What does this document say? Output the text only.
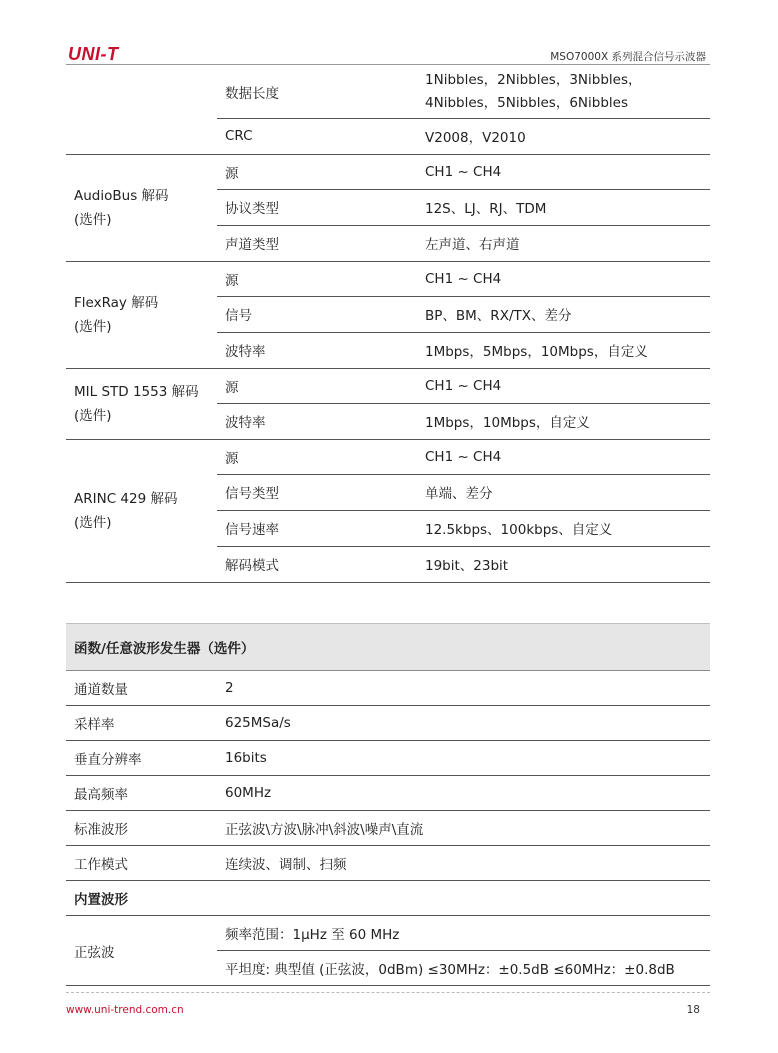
UNI-T	MSO7000X 系列混合信号示波器
	数据长度	1Nibbles，2Nibbles，3Nibbles，
4Nibbles，5Nibbles，6Nibbles

	CRC	V2008，V2010

AudioBus 解码
(选件)	源	CH1 ~ CH4
	协议类型	12S、LJ、RJ、TDM
	声道类型	左声道、右声道

FlexRay 解码
(选件)	源	CH1 ~ CH4
	信号	BP、BM、RX/TX、差分
	波特率	1Mbps，5Mbps，10Mbps，自定义

MIL STD 1553 解码
(选件)	源	CH1 ~ CH4
	波特率	1Mbps，10Mbps，自定义

ARINC 429 解码
(选件)	源	CH1 ~ CH4
	信号类型	单端、差分
	信号速率	12.5kbps、100kbps、自定义
	解码模式	19bit、23bit
函数/任意波形发生器（选件）	
通道数量	2
采样率	625MSa/s
垂直分辨率	16bits
最高频率	60MHz
标准波形	正弦波\方波\脉冲\斜波\噪声\直流
工作模式	连续波、调制、扫频
内置波形	
正弦波	频率范围：1μHz 至 60 MHz
	平坦度: 典型值 (正弦波，0dBm) ≤30MHz：±0.5dB ≤60MHz：±0.8dB
www.uni-trend.com.cn	18
